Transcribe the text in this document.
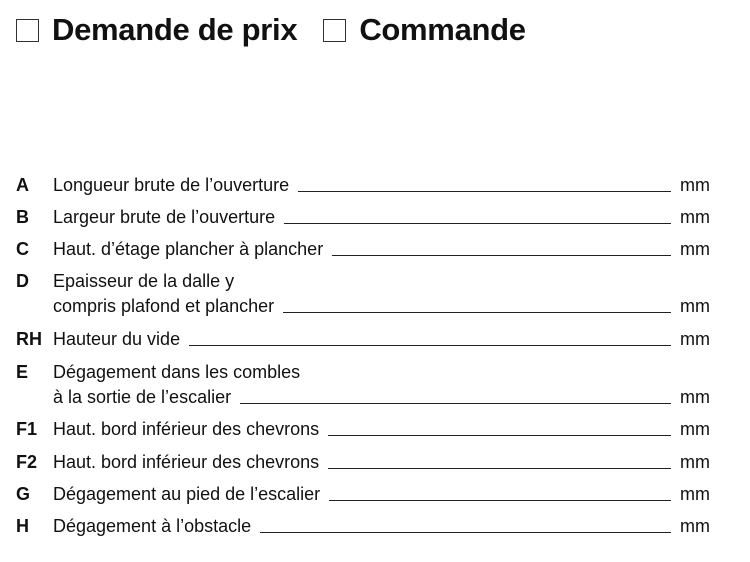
Demande de prix Commande
A Longueur brute de l’ouverture	mm
B Largeur brute de l’ouverture	mm
C Haut. d’étage plancher à plancher	mm
D Epaisseur de la dalle y
compris plafond et plancher	mm
RH Hauteur du vide	mm
E Dégagement dans les combles
à la sortie de l’escalier	mm
F1 Haut. bord inférieur des chevrons	mm
F2 Haut. bord inférieur des chevrons	mm
G Dégagement au pied de l’escalier	mm
H Dégagement à l’obstacle	mm
